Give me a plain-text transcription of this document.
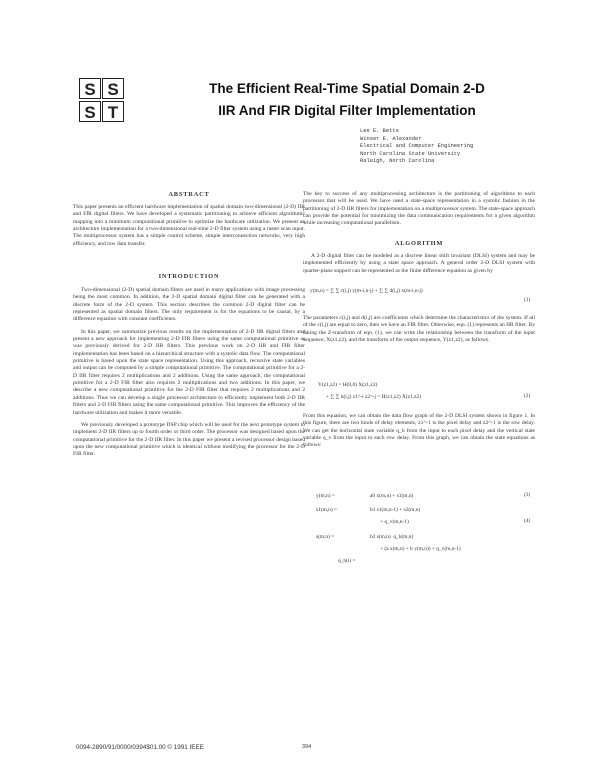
S S
S T
The Efficient Real-Time Spatial Domain 2-D
IIR And FIR Digital Filter Implementation
Lee E. Betts
Winser E. Alexander
Electrical and Computer Engineering
North Carolina State University
Raleigh, North Carolina
ABSTRACT

This paper presents an efficient hardware implementation of spatial domain two-dimensional (2-D) IIR and FIR digital filters. We have developed a systematic partitioning to achieve efficient algorithmic mapping into a minimum computational primitive to optimize the hardware utilization. We present an architecture implementation for a two-dimensional real-time 2-D filter system using a raster scan input. The multiprocessor system has a simple control scheme, simple interconnection networks, very high efficiency, and low data transfer.

INTRODUCTION

Two-dimensional (2-D) spatial domain filters are used in many applications with image processing being the most common. In addition, the 2-D spatial domain digital filter can be generated with a discrete form of the 2-D system. This section describes the common 2-D digital filter can be represented as spatial domain filters. The only requirement is for the equations to be causal, by a difference equation with constant coefficients.

In this paper, we summarize previous results on the implementation of 2-D IIR digital filters and present a new approach for implementing 2-D FIR filters using the same computational primitive as was previously derived for 2-D IIR filters. This previous work on 2-D IIR and FIR filter implementation has been based on a hierarchical structure with a systolic data flow. The computational primitive is based upon the state space representation. Using this approach, recursive state variables and output can be computed by a simple computational primitive. The computational primitive for a 2-D IIR filter requires 2 multiplications and 2 additions. Using the same approach, the computational primitive for a 2-D FIR filter also requires 2 multiplications and two additions. In this paper, we describe a new computational primitive for the 2-D FIR filter that requires 2 multiplications and 2 additions. Thus we can develop a single processor architecture to efficiently implement both 2-D IIR filters and 2-D FIR filters using the same computational primitive. This improves the efficiency of the hardware utilization and makes it more versatile.

We previously developed a prototype DSP chip which will be used for the next prototype system to implement 2-D IIR filters up to fourth order or third order. The processor was designed based upon the computational primitive for the 2-D IIR filter. In this paper we present a revised processor design based upon the new computational primitive which is identical without modifying the processor for the 2-D FIR filter.

The key to success of any multiprocessing architecture is the partitioning of algorithms to each processor that will be used. We have used a state-space representation in a systolic fashion in the partitioning of 2-D IIR filters for implementation on a multiprocessor system. The state-space approach can provide the potential for minimizing the data communication requirements for a given algorithm while increasing computational parallelism.

ALGORITHM

A 2-D digital filter can be modeled as a discrete linear shift invariant (DLSI) system and may be implemented efficiently by using a state space approach. A general order 2-D DLSI system with quarter-plane support can be represented as the finite difference equation as given by

y(m,n) = ∑ ∑ c(i,j) y(m-i,n-j) + ∑ ∑ d(i,j) x(m-i,n-j)
(1)

The parameters c(i,j) and d(i,j) are coefficients which determine the characteristics of the system. If all of the c(i,j) are equal to zero, then we have an FIR filter. Otherwise, eqn. (1) represents an IIR filter. By taking the Z-transform of eqn. (1), we can write the relationship between the transform of the input sequence, X(z1,z2), and the transform of the output sequence, Y(z1,z2), as follows.

Y(z1,z2) = H(0,0) X(z1,z2)
+ ∑ ∑ h(i,j) z1^-i z2^-j = H(z1,z2) X(z1,z2)	(2)

From this equation, we can obtain the data flow graph of the 2-D DLSI system shown in figure 1. In this figure, there are two kinds of delay elements, z1^-1 is the pixel delay and z2^-1 is the row delay. We can get the horizontal state variable q_h from the input to each pixel delay and the vertical state variable q_v from the input to each row delay. From this graph, we can obtain the state equations as follows:

y(m,n) =	a0 x(m,n) + s1(m,n)	(3)
s1(m,n) =	b1 s1(m,n-1) + s2(m,n)
+ q_v(m,n-1)	(4)
s(m,n) =	b2 s(m,n)  q_h(m,n)
+ (a x(m,n) + b y(m,n)) + q_v(m,n-1)
q_h(i) =
0094-2890/91/0000/0394$01.00 © 1991 IEEE	394
